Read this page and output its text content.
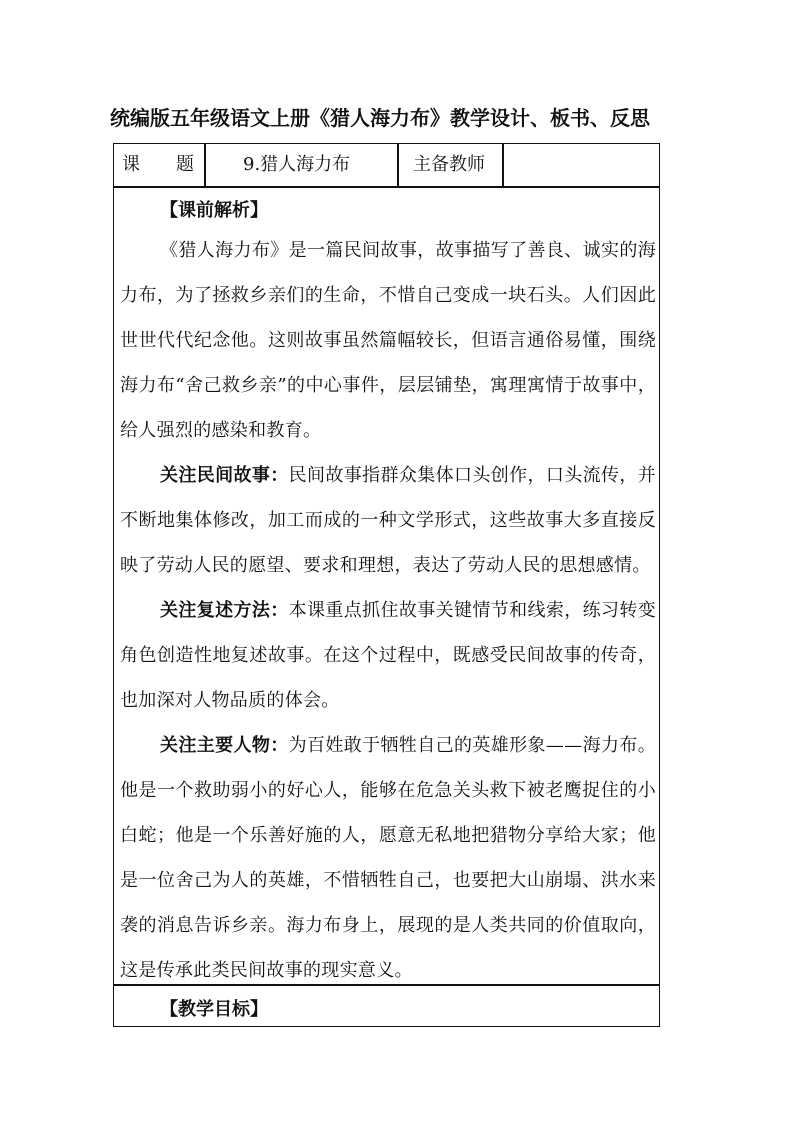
统编版五年级语文上册《猎人海力布》教学设计、板书、反思
课 题	9.猎人海力布	主备教师
【课前解析】

《猎人海力布》是一篇民间故事，故事描写了善良、诚实的海力布，为了拯救乡亲们的生命，不惜自己变成一块石头。人们因此世世代代纪念他。这则故事虽然篇幅较长，但语言通俗易懂，围绕海力布“舍己救乡亲”的中心事件，层层铺垫，寓理寓情于故事中，给人强烈的感染和教育。

关注民间故事：民间故事指群众集体口头创作，口头流传，并不断地集体修改，加工而成的一种文学形式，这些故事大多直接反映了劳动人民的愿望、要求和理想，表达了劳动人民的思想感情。

关注复述方法：本课重点抓住故事关键情节和线索，练习转变角色创造性地复述故事。在这个过程中，既感受民间故事的传奇，也加深对人物品质的体会。

关注主要人物：为百姓敢于牺牲自己的英雄形象——海力布。他是一个救助弱小的好心人，能够在危急关头救下被老鹰捉住的小白蛇；他是一个乐善好施的人，愿意无私地把猎物分享给大家；他是一位舍己为人的英雄，不惜牺牲自己，也要把大山崩塌、洪水来袭的消息告诉乡亲。海力布身上，展现的是人类共同的价值取向，这是传承此类民间故事的现实意义。

【教学目标】
